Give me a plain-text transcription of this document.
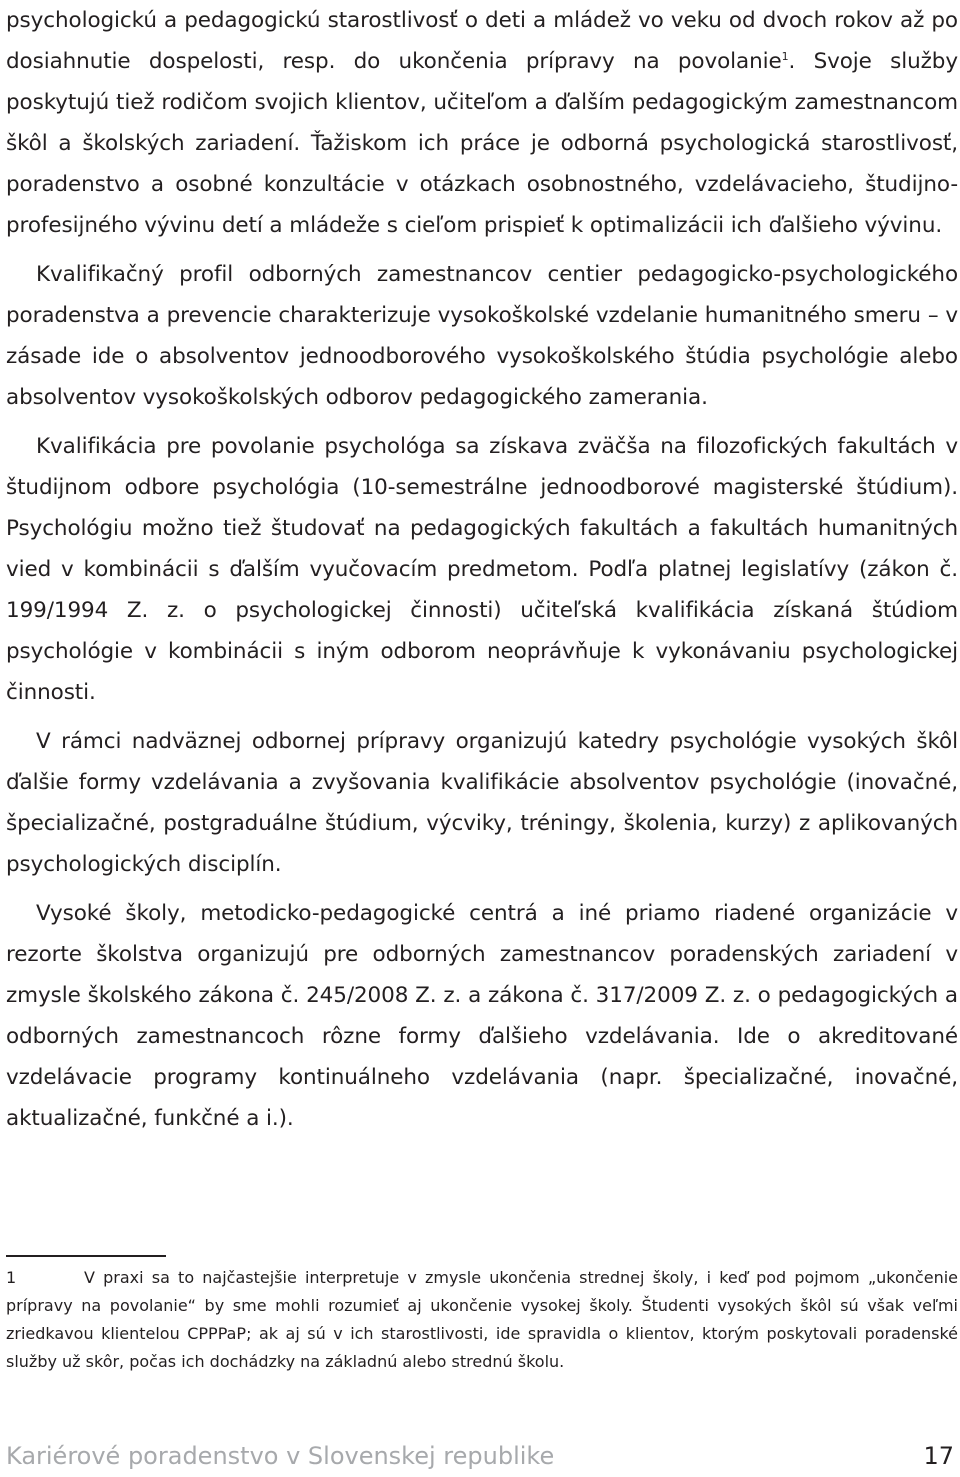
psychologickú a pedagogickú starostlivosť o deti a mládež vo veku od dvoch rokov až po dosiahnutie dospelosti, resp. do ukončenia prípravy na povolanie$^1$. Svoje služby poskytujú tiež rodičom svojich klientov, učiteľom a ďalším pedagogickým zamestnancom škôl a školských zariadení. Ťažiskom ich práce je odborná psychologická starostlivosť, poradenstvo a osobné konzultácie v otázkach osobnostného, vzdelávacieho, študijno-profesijného vývinu detí a mládeže s cieľom prispieť k optimalizácii ich ďalšieho vývinu.

Kvalifikačný profil odborných zamestnancov centier pedagogicko-psychologického poradenstva a prevencie charakterizuje vysokoškolské vzdelanie humanitného smeru – v zásade ide o absolventov jednoodborového vysokoškolského štúdia psychológie alebo absolventov vysokoškolských odborov pedagogického zamerania.

Kvalifikácia pre povolanie psychológa sa získava zväčša na filozofických fakultách v študijnom odbore psychológia (10-semestrálne jednoodborové magisterské štúdium). Psychológiu možno tiež študovať na pedagogických fakultách a fakultách humanitných vied v kombinácii s ďalším vyučovacím predmetom. Podľa platnej legislatívy (zákon č. 199/1994 Z. z. o psychologickej činnosti) učiteľská kvalifikácia získaná štúdiom psychológie v kombinácii s iným odborom neoprávňuje k vykonávaniu psychologickej činnosti.

V rámci nadväznej odbornej prípravy organizujú katedry psychológie vysokých škôl ďalšie formy vzdelávania a zvyšovania kvalifikácie absolventov psychológie (inovačné, špecializačné, postgraduálne štúdium, výcviky, tréningy, školenia, kurzy) z aplikovaných psychologických disciplín.

Vysoké školy, metodicko-pedagogické centrá a iné priamo riadené organizácie v rezorte školstva organizujú pre odborných zamestnancov poradenských zariadení v zmysle školského zákona č. 245/2008 Z. z. a zákona č. 317/2009 Z. z. o pedagogických a odborných zamestnancoch rôzne formy ďalšieho vzdelávania. Ide o akreditované vzdelávacie programy kontinuálneho vzdelávania (napr. špecializačné, inovačné, aktualizačné, funkčné a i.).

1	V praxi sa to najčastejšie interpretuje v zmysle ukončenia strednej školy, i keď pod pojmom „ukončenie prípravy na povolanie“ by sme mohli rozumieť aj ukončenie vysokej školy. Študenti vysokých škôl sú však veľmi zriedkavou klientelou CPPPaP; ak aj sú v ich starostlivosti, ide spravidla o klientov, ktorým poskytovali poradenské služby už skôr, počas ich dochádzky na základnú alebo strednú školu.

Kariérové poradenstvo v Slovenskej republike	17
